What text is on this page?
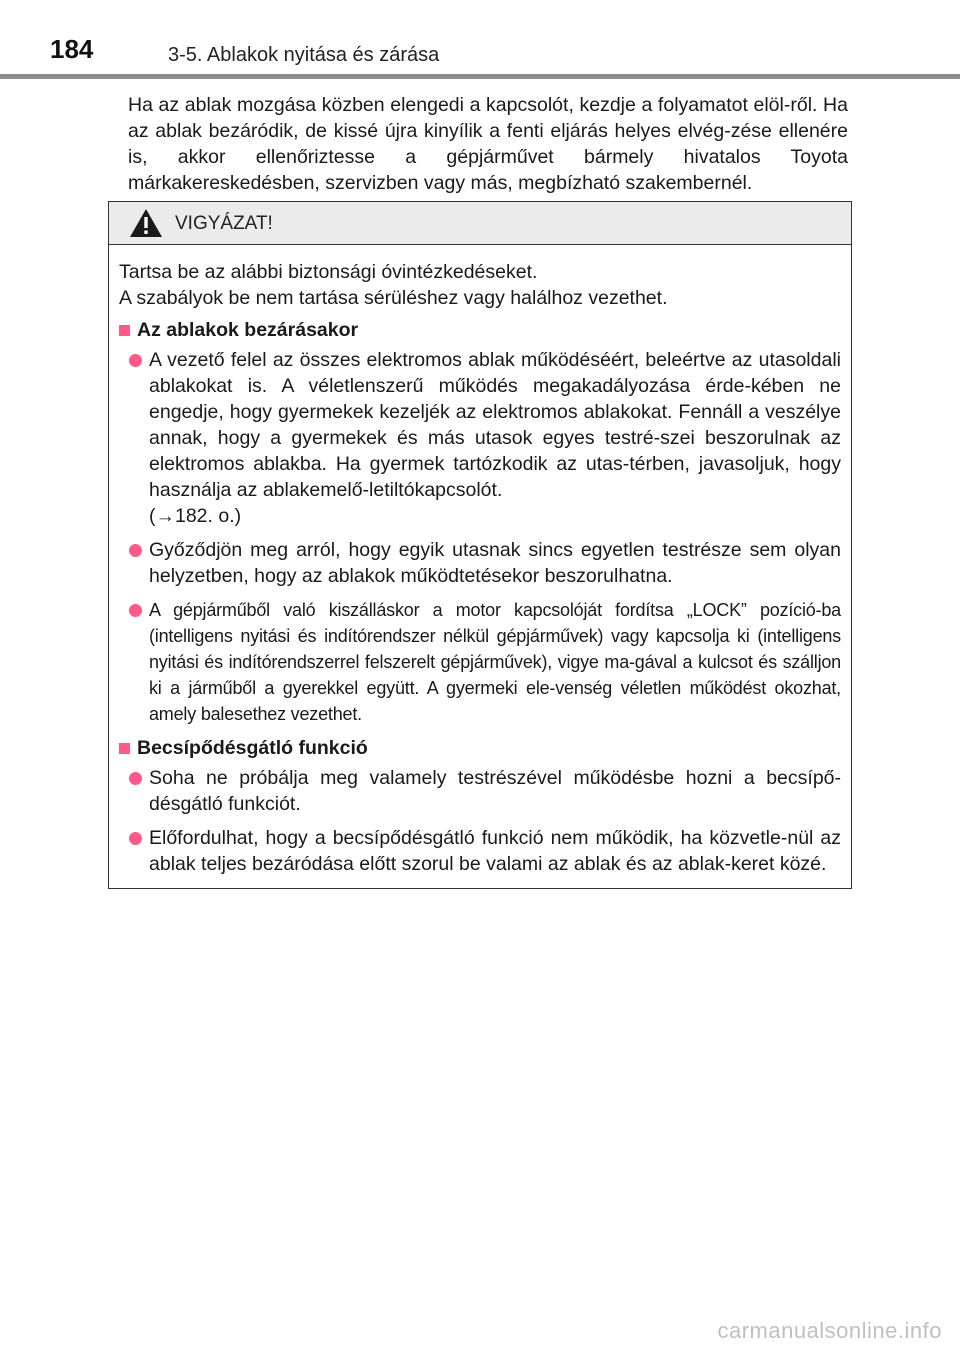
184	3-5. Ablakok nyitása és zárása
Ha az ablak mozgása közben elengedi a kapcsolót, kezdje a folyamatot elöl-ről. Ha az ablak bezáródik, de kissé újra kinyílik a fenti eljárás helyes elvég-zése ellenére is, akkor ellenőriztesse a gépjárművet bármely hivatalos Toyota márkakereskedésben, szervizben vagy más, megbízható szakembernél.
VIGYÁZAT!
Tartsa be az alábbi biztonsági óvintézkedéseket.
A szabályok be nem tartása sérüléshez vagy halálhoz vezethet.
Az ablakok bezárásakor
A vezető felel az összes elektromos ablak működéséért, beleértve az utasoldali ablakokat is. A véletlenszerű működés megakadályozása érde-kében ne engedje, hogy gyermekek kezeljék az elektromos ablakokat. Fennáll a veszélye annak, hogy a gyermekek és más utasok egyes testré-szei beszorulnak az elektromos ablakba. Ha gyermek tartózkodik az utas-térben, javasoljuk, hogy használja az ablakemelő-letiltókapcsolót.
(→182. o.)
Győződjön meg arról, hogy egyik utasnak sincs egyetlen testrésze sem olyan helyzetben, hogy az ablakok működtetésekor beszorulhatna.
A gépjárműből való kiszálláskor a motor kapcsolóját fordítsa „LOCK” pozíció-ba (intelligens nyitási és indítórendszer nélkül gépjárművek) vagy kapcsolja ki (intelligens nyitási és indítórendszerrel felszerelt gépjárművek), vigye ma-gával a kulcsot és szálljon ki a járműből a gyerekkel együtt. A gyermeki ele-venség véletlen működést okozhat, amely balesethez vezethet.
Becsípődésgátló funkció
Soha ne próbálja meg valamely testrészével működésbe hozni a becsípő-désgátló funkciót.
Előfordulhat, hogy a becsípődésgátló funkció nem működik, ha közvetle-nül az ablak teljes bezáródása előtt szorul be valami az ablak és az ablak-keret közé.
carmanualsonline.info
